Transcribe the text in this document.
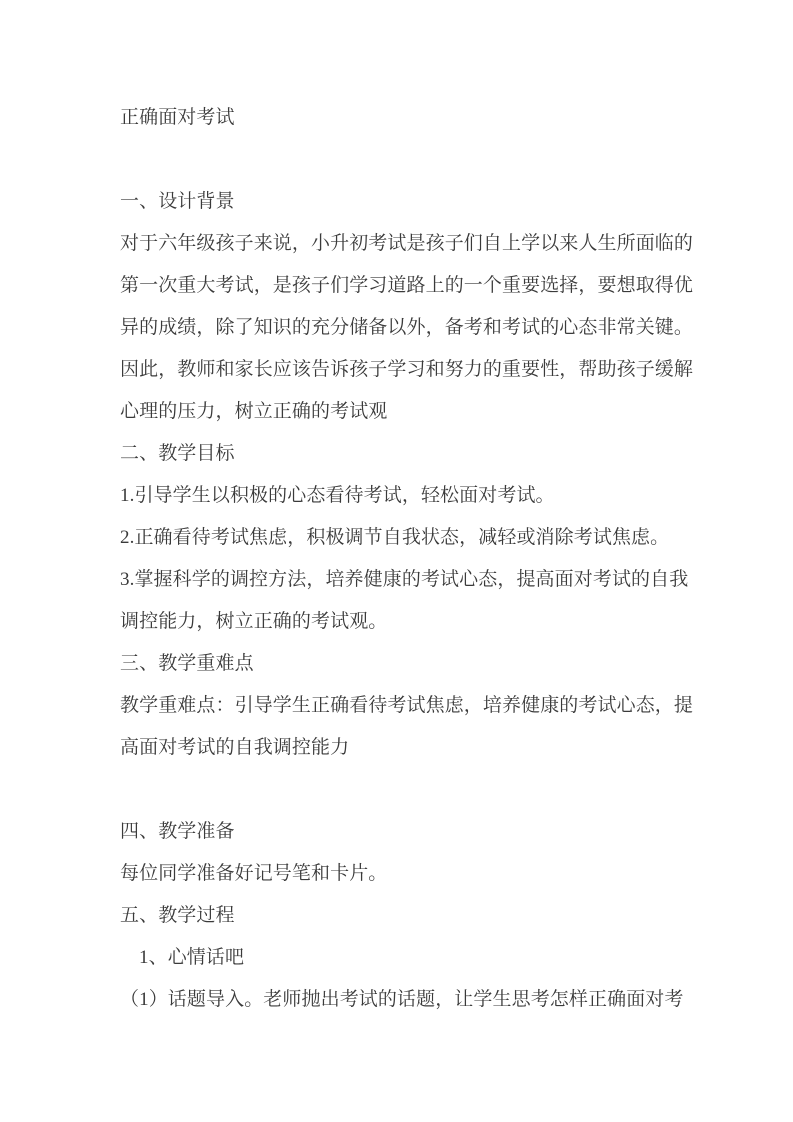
正确面对考试
一、设计背景
对于六年级孩子来说，小升初考试是孩子们自上学以来人生所面临的
第一次重大考试，是孩子们学习道路上的一个重要选择，要想取得优
异的成绩，除了知识的充分储备以外，备考和考试的心态非常关键。
因此，教师和家长应该告诉孩子学习和努力的重要性，帮助孩子缓解
心理的压力，树立正确的考试观
二、教学目标
1.引导学生以积极的心态看待考试，轻松面对考试。
2.正确看待考试焦虑，积极调节自我状态，减轻或消除考试焦虑。
3.掌握科学的调控方法，培养健康的考试心态，提高面对考试的自我
调控能力，树立正确的考试观。
三、教学重难点
教学重难点：引导学生正确看待考试焦虑，培养健康的考试心态，提
高面对考试的自我调控能力
四、教学准备
每位同学准备好记号笔和卡片。
五、教学过程
1、心情话吧
（1）话题导入。老师抛出考试的话题，让学生思考怎样正确面对考
